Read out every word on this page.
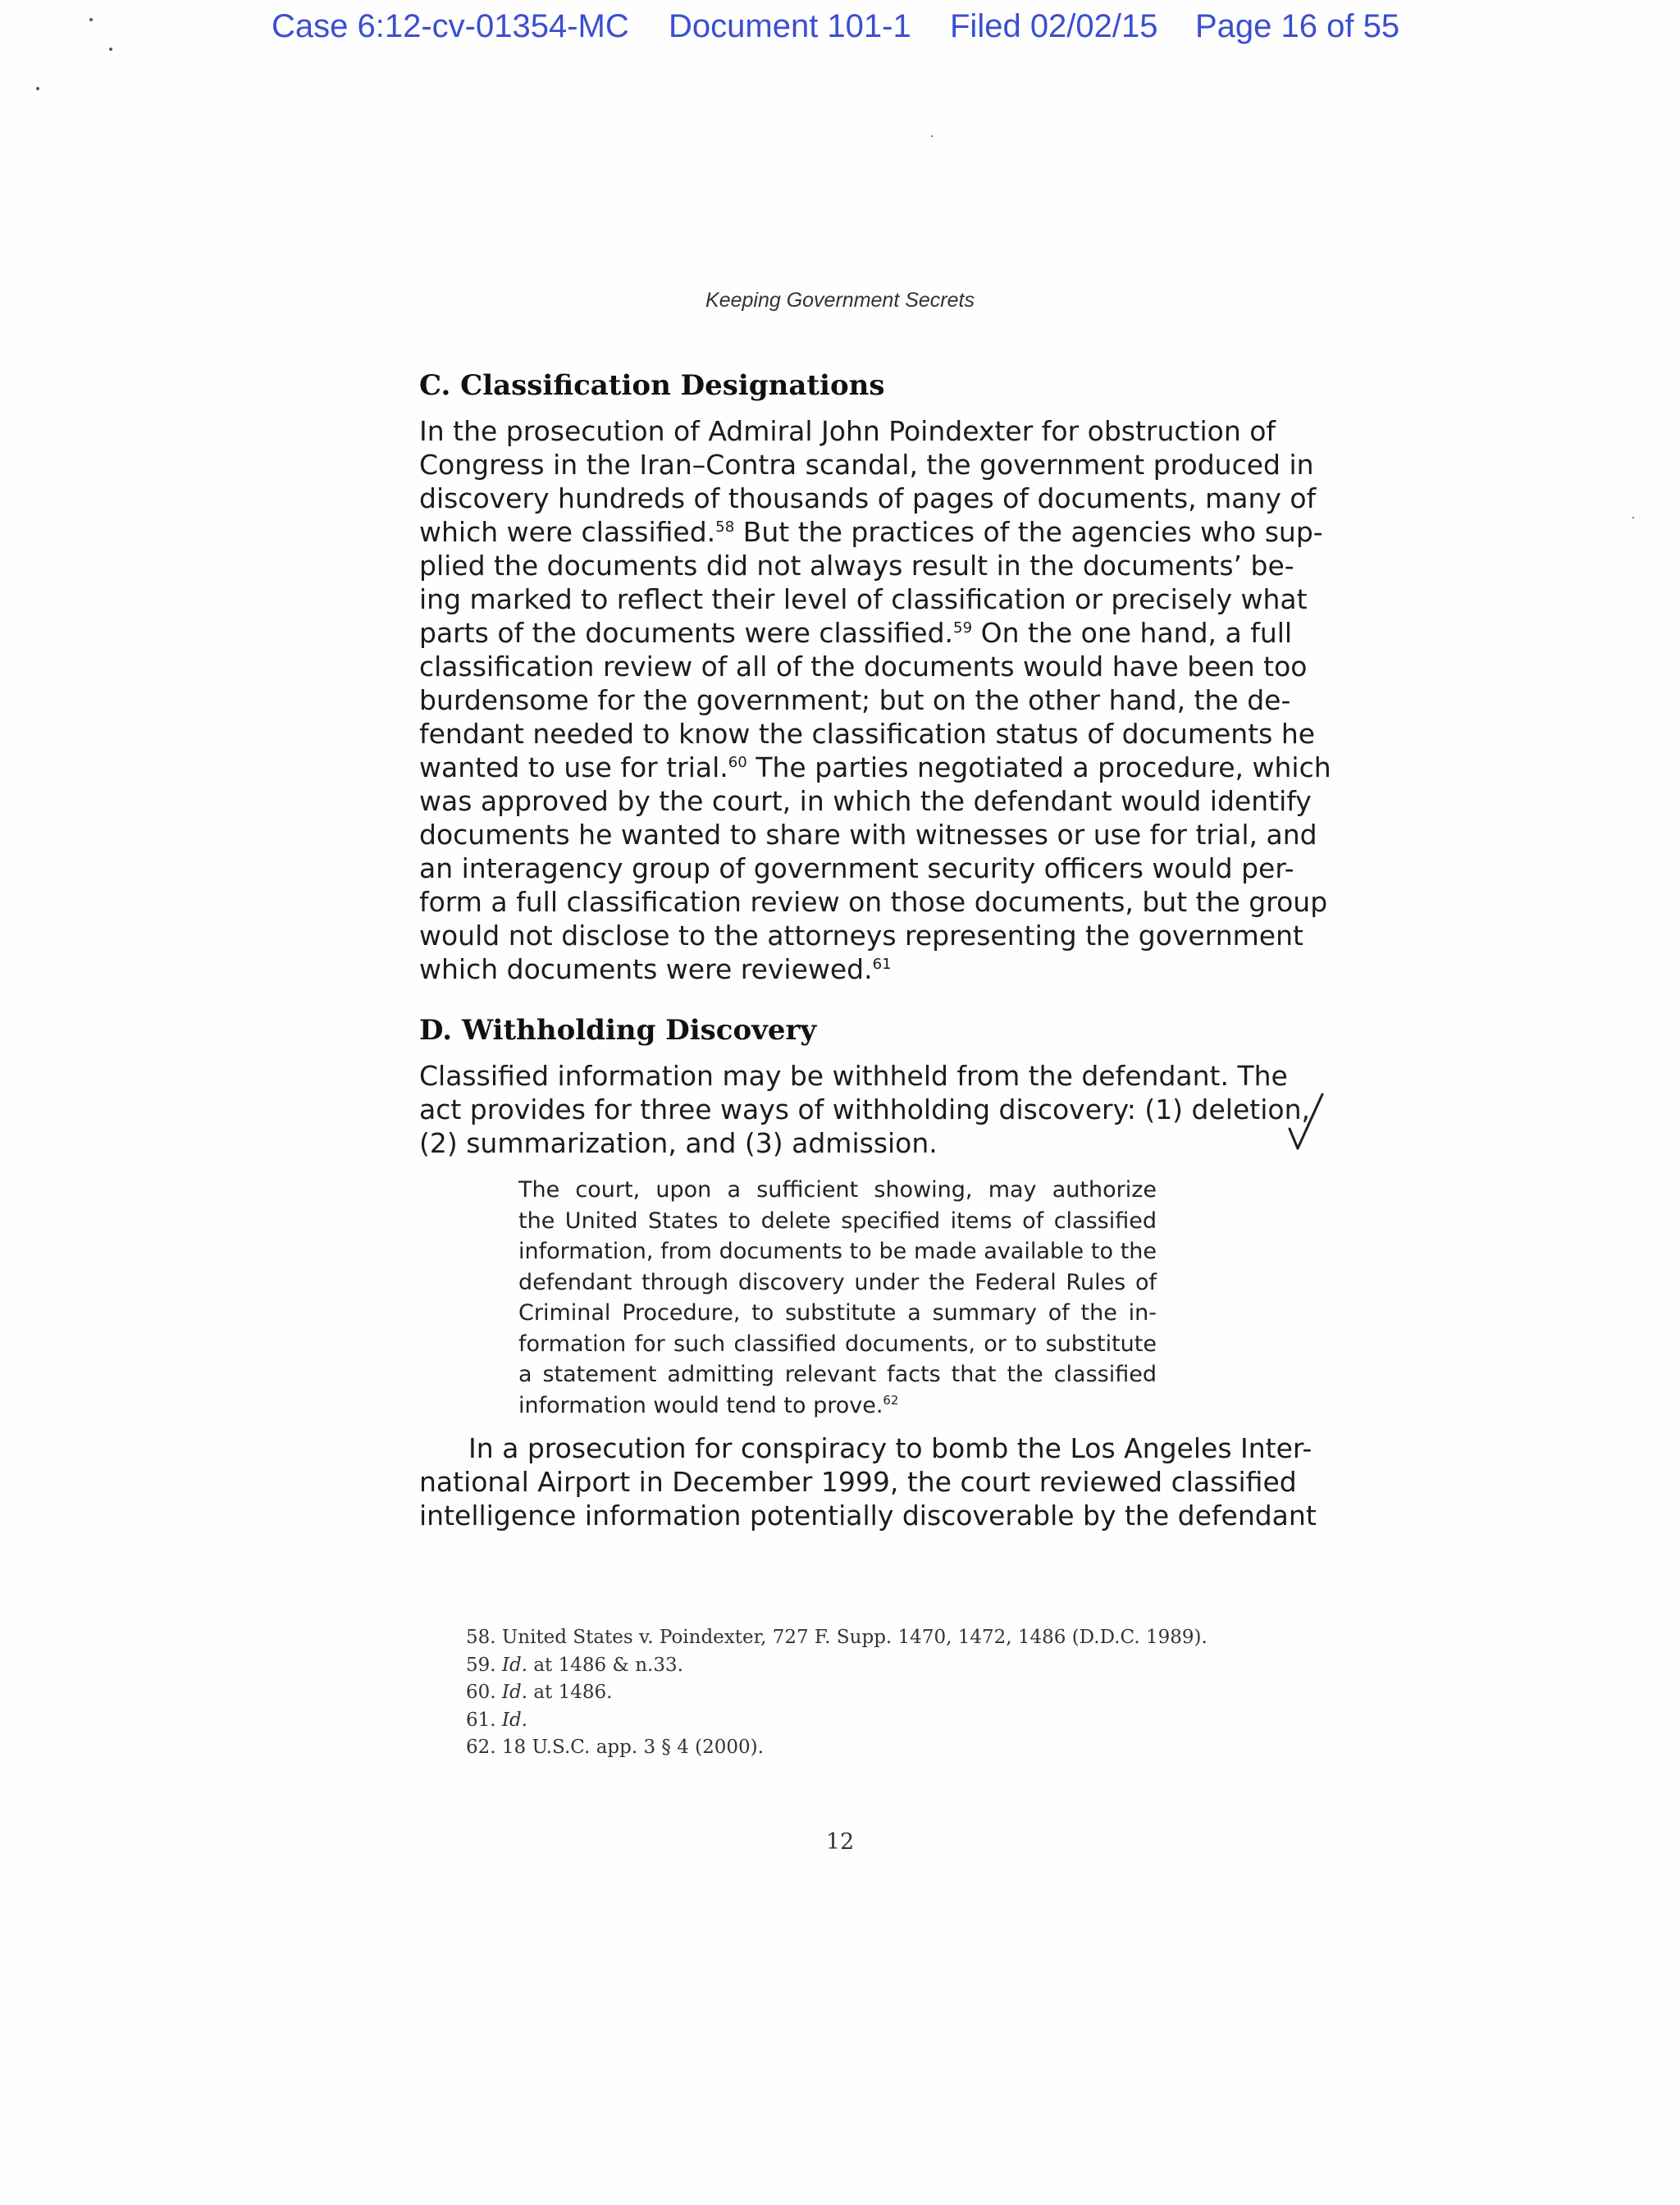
Case 6:12-cv-01354-MC Document 101-1 Filed 02/02/15 Page 16 of 55
Keeping Government Secrets
C. Classification Designations
In the prosecution of Admiral John Poindexter for obstruction of
Congress in the Iran–Contra scandal, the government produced in
discovery hundreds of thousands of pages of documents, many of
which were classified.$^{58}$ But the practices of the agencies who sup-
plied the documents did not always result in the documents’ be-
ing marked to reflect their level of classification or precisely what
parts of the documents were classified.$^{59}$ On the one hand, a full
classification review of all of the documents would have been too
burdensome for the government; but on the other hand, the de-
fendant needed to know the classification status of documents he
wanted to use for trial.$^{60}$ The parties negotiated a procedure, which
was approved by the court, in which the defendant would identify
documents he wanted to share with witnesses or use for trial, and
an interagency group of government security officers would per-
form a full classification review on those documents, but the group
would not disclose to the attorneys representing the government
which documents were reviewed.$^{61}$
D. Withholding Discovery
Classified information may be withheld from the defendant. The
act provides for three ways of withholding discovery: (1) deletion,
(2) summarization, and (3) admission.
The court, upon a sufficient showing, may authorize
the United States to delete specified items of classified
information, from documents to be made available to the
defendant through discovery under the Federal Rules of
Criminal Procedure, to substitute a summary of the in-
formation for such classified documents, or to substitute
a statement admitting relevant facts that the classified
information would tend to prove.$^{62}$
In a prosecution for conspiracy to bomb the Los Angeles Inter-
national Airport in December 1999, the court reviewed classified
intelligence information potentially discoverable by the defendant
58. United States v. Poindexter, 727 F. Supp. 1470, 1472, 1486 (D.D.C. 1989).
59. Id. at 1486 & n.33.
60. Id. at 1486.
61. Id.
62. 18 U.S.C. app. 3 § 4 (2000).
12
